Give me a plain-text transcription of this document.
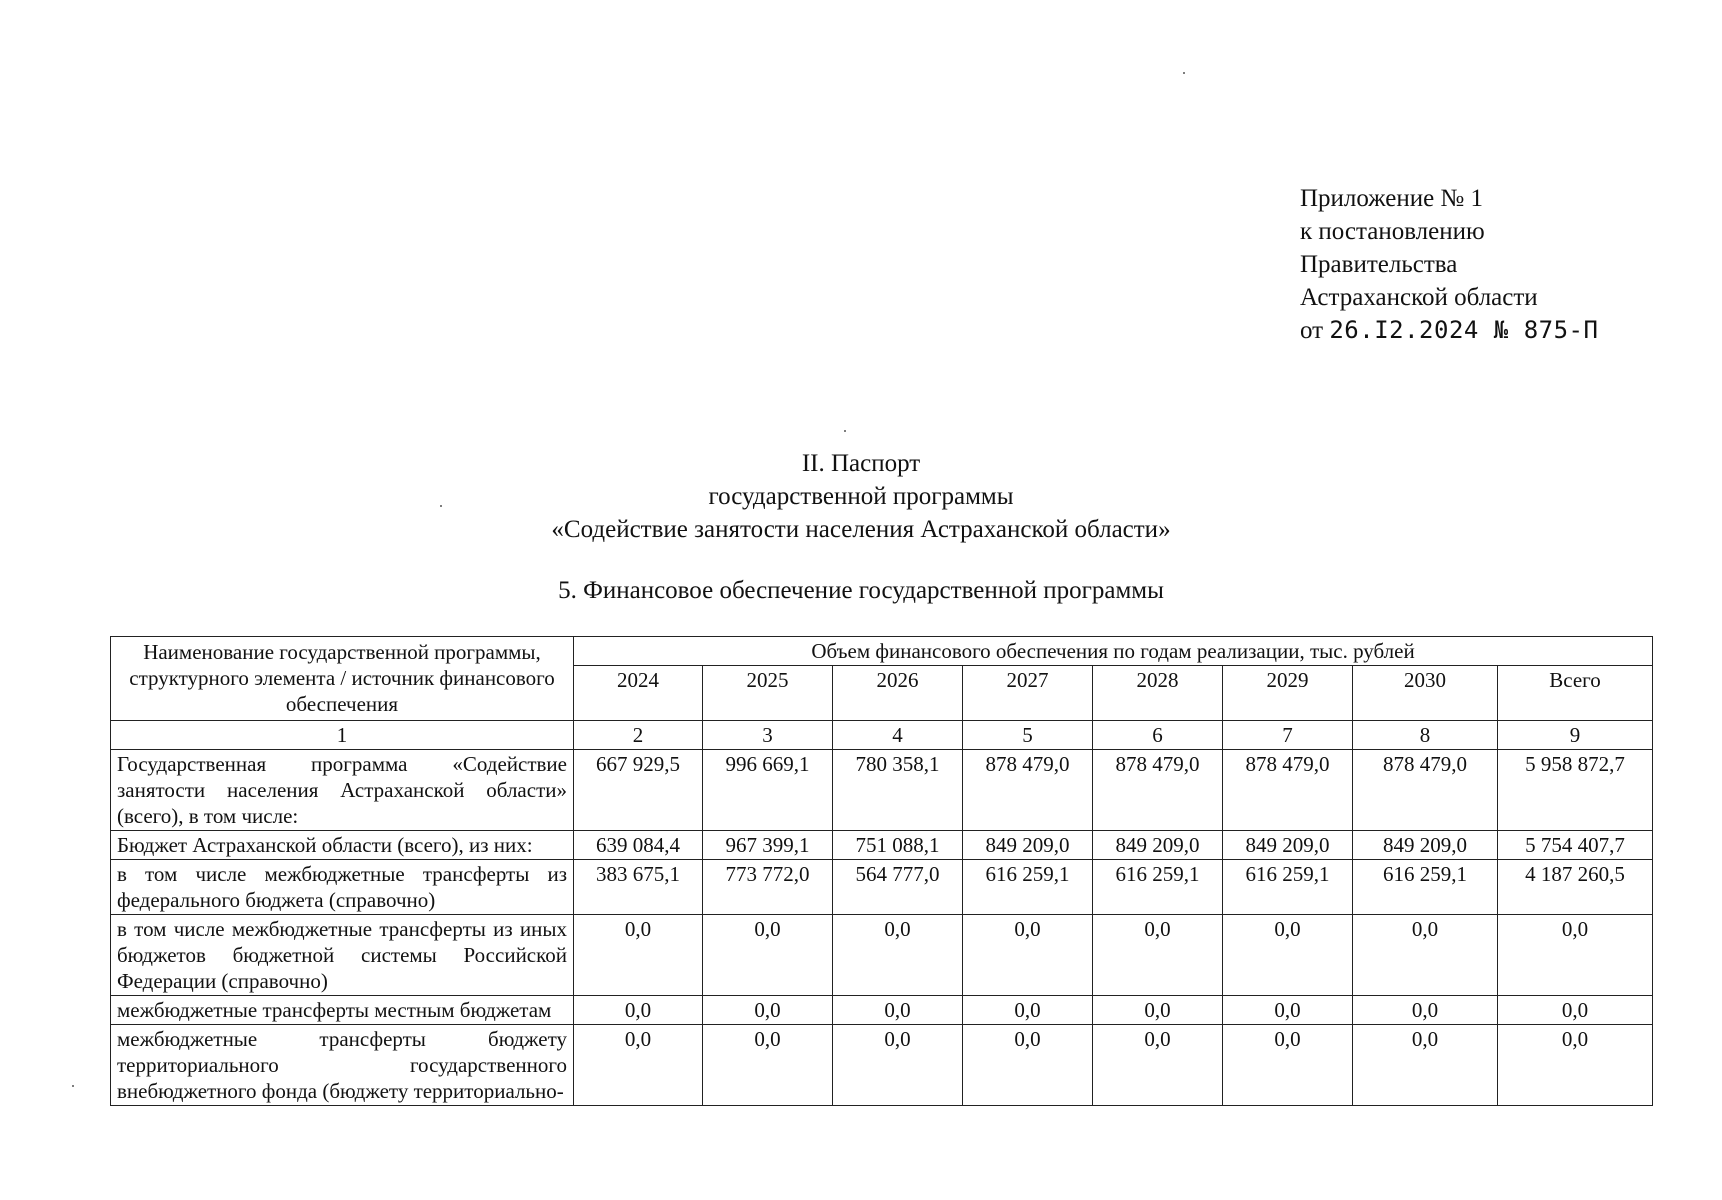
Приложение № 1
к постановлению
Правительства
Астраханской области
от 26.I2.2024 № 875-П
II. Паспорт
государственной программы
«Содействие занятости населения Астраханской области»
5. Финансовое обеспечение государственной программы
Наименование государственной программы, структурного элемента / источник финансового обеспечения	Объем финансового обеспечения по годам реализации, тыс. рублей							
	2024	2025	2026	2027	2028	2029	2030	Всего
1	2	3	4	5	6	7	8	9
Государственная программа «Содействие занятости населения Астраханской области» (всего), в том числе:	667 929,5	996 669,1	780 358,1	878 479,0	878 479,0	878 479,0	878 479,0	5 958 872,7
Бюджет Астраханской области (всего), из них:	639 084,4	967 399,1	751 088,1	849 209,0	849 209,0	849 209,0	849 209,0	5 754 407,7
в том числе межбюджетные трансферты из федерального бюджета (справочно)	383 675,1	773 772,0	564 777,0	616 259,1	616 259,1	616 259,1	616 259,1	4 187 260,5
в том числе межбюджетные трансферты из иных бюджетов бюджетной системы Российской Федерации (справочно)	0,0	0,0	0,0	0,0	0,0	0,0	0,0	0,0
межбюджетные трансферты местным бюджетам	0,0	0,0	0,0	0,0	0,0	0,0	0,0	0,0
межбюджетные трансферты бюджету территориального государственного внебюджетного фонда (бюджету территориально-	0,0	0,0	0,0	0,0	0,0	0,0	0,0	0,0
